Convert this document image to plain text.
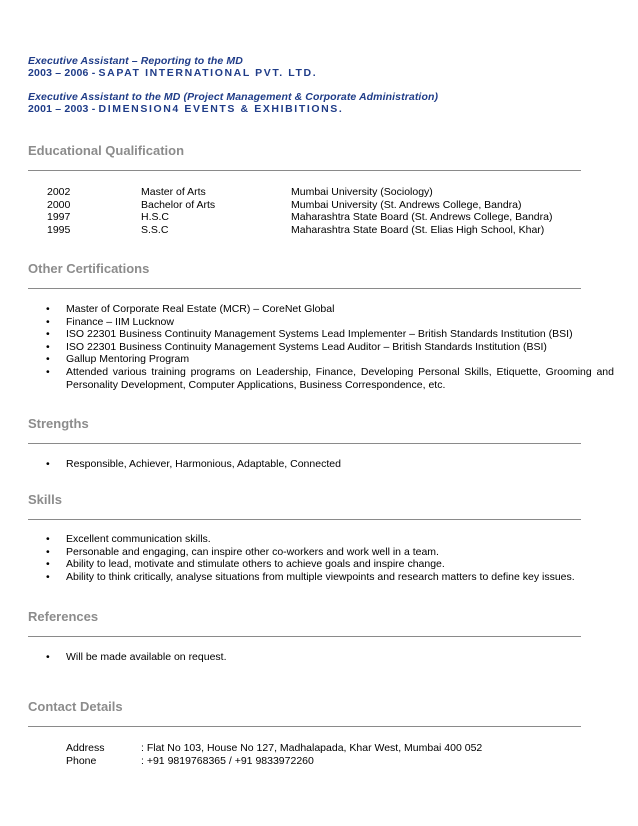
Executive Assistant – Reporting to the MD
2003 – 2006 - SAPAT INTERNATIONAL PVT. LTD.
Executive Assistant to the MD (Project Management & Corporate Administration)
2001 – 2003 - DIMENSION4 EVENTS & EXHIBITIONS.
Educational Qualification
2002	Master of Arts	Mumbai University (Sociology)
2000	Bachelor of Arts	Mumbai University (St. Andrews College, Bandra)
1997	H.S.C	Maharashtra State Board (St. Andrews College, Bandra)
1995	S.S.C	Maharashtra State Board (St. Elias High School, Khar)
Other Certifications
• Master of Corporate Real Estate (MCR) – CoreNet Global
• Finance – IIM Lucknow
• ISO 22301 Business Continuity Management Systems Lead Implementer – British Standards Institution (BSI)
• ISO 22301 Business Continuity Management Systems Lead Auditor – British Standards Institution (BSI)
• Gallup Mentoring Program
• Attended various training programs on Leadership, Finance, Developing Personal Skills, Etiquette, Grooming and Personality Development, Computer Applications, Business Correspondence, etc.
Strengths
• Responsible, Achiever, Harmonious, Adaptable, Connected
Skills
• Excellent communication skills.
• Personable and engaging, can inspire other co-workers and work well in a team.
• Ability to lead, motivate and stimulate others to achieve goals and inspire change.
• Ability to think critically, analyse situations from multiple viewpoints and research matters to define key issues.
References
• Will be made available on request.
Contact Details
Address	: Flat No 103, House No 127, Madhalapada, Khar West, Mumbai 400 052
Phone	: +91 9819768365 / +91 9833972260
